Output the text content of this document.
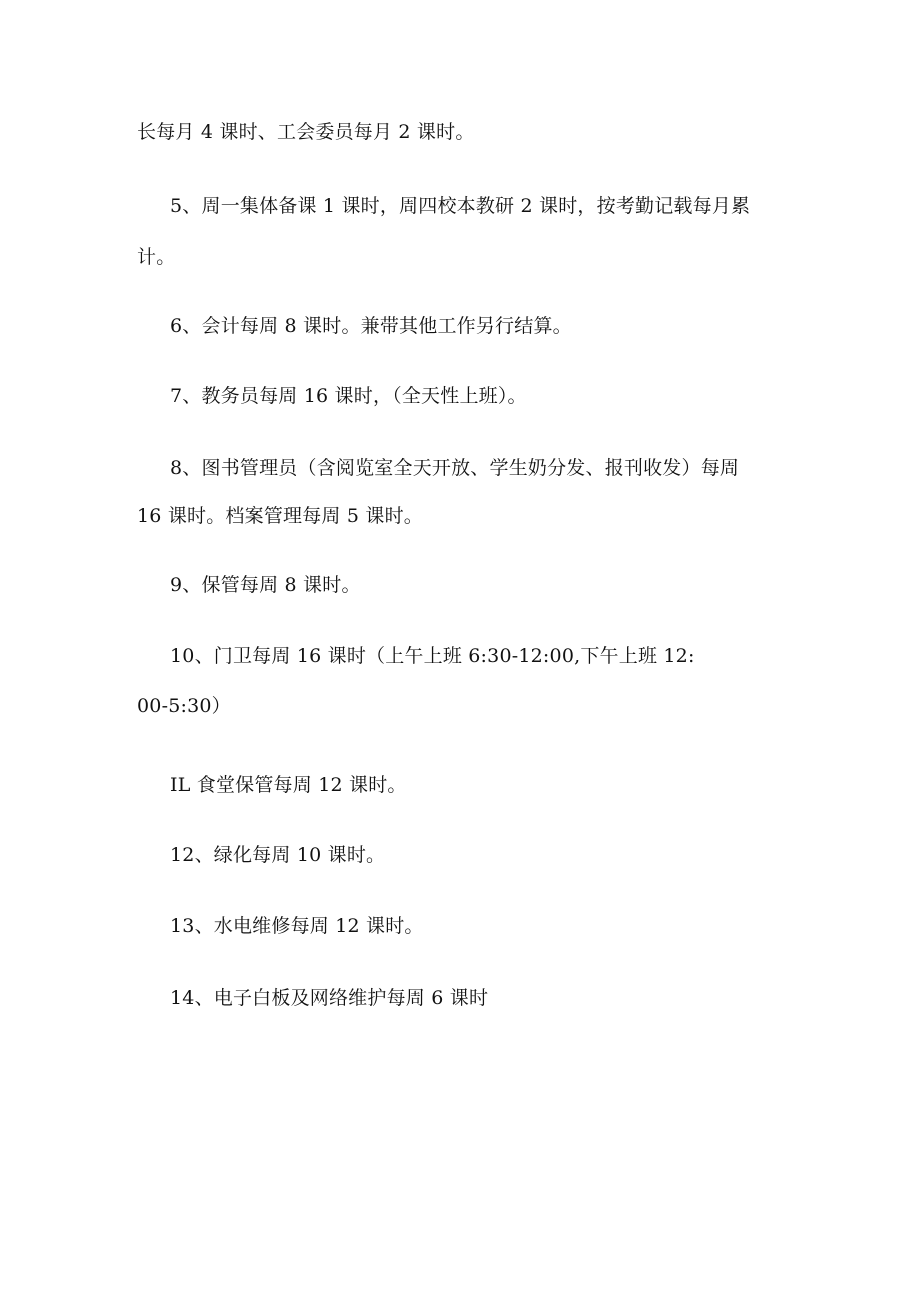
长每月 4 课时、工会委员每月 2 课时。
5、周一集体备课 1 课时，周四校本教研 2 课时，按考勤记载每月累
计。
6、会计每周 8 课时。兼带其他工作另行结算。
7、教务员每周 16 课时，（全天性上班）。
8、图书管理员（含阅览室全天开放、学生奶分发、报刊收发）每周
16 课时。档案管理每周 5 课时。
9、保管每周 8 课时。
10、门卫每周 16 课时（上午上班 6:30-12:00,下午上班 12:
00-5:30）
IL 食堂保管每周 12 课时。
12、绿化每周 10 课时。
13、水电维修每周 12 课时。
14、电子白板及网络维护每周 6 课时
